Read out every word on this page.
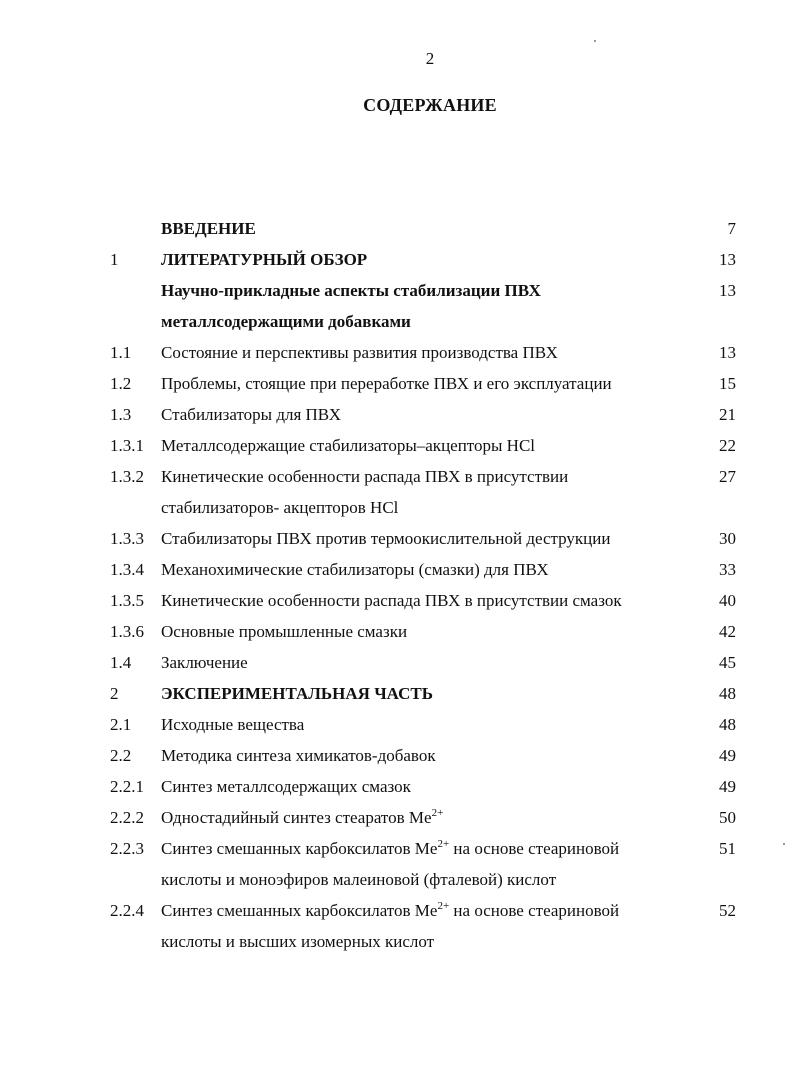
2
СОДЕРЖАНИЕ
ВВЕДЕНИЕ	7
1	ЛИТЕРАТУРНЫЙ ОБЗОР	13
Научно-прикладные аспекты стабилизации ПВХ	13
металлсодержащими добавками
1.1 Состояние и перспективы развития производства ПВХ	13
1.2 Проблемы, стоящие при переработке ПВХ и его эксплуатации	15
1.3 Стабилизаторы для ПВХ	21
1.3.1 Металлсодержащие стабилизаторы–акцепторы HCl	22
1.3.2 Кинетические особенности распада ПВХ в присутствии	27
стабилизаторов- акцепторов HCl
1.3.3 Стабилизаторы ПВХ против термоокислительной деструкции	30
1.3.4 Механохимические стабилизаторы (смазки) для ПВХ	33
1.3.5 Кинетические особенности распада ПВХ в присутствии смазок	40
1.3.6 Основные промышленные смазки	42
1.4 Заключение	45
2	ЭКСПЕРИМЕНТАЛЬНАЯ ЧАСТЬ	48
2.1 Исходные вещества	48
2.2 Методика синтеза химикатов-добавок	49
2.2.1 Синтез металлсодержащих смазок	49
2.2.2 Одностадийный синтез стеаратов $Me^{2+}$	50
2.2.3 Синтез смешанных карбоксилатов $Me^{2+}$ на основе стеариновой	51
кислоты и моноэфиров малеиновой (фталевой) кислот
2.2.4 Синтез смешанных карбоксилатов $Me^{2+}$ на основе стеариновой	52
кислоты и высших изомерных кислот
